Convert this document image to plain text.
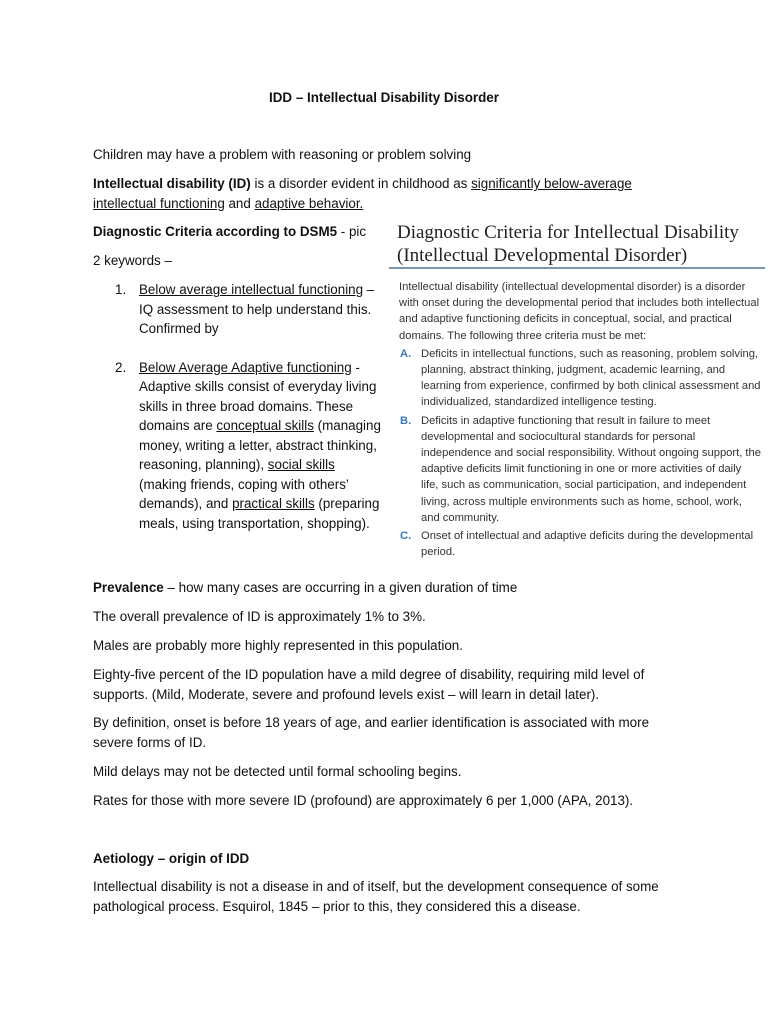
IDD – Intellectual Disability Disorder

Children may have a problem with reasoning or problem solving

Intellectual disability (ID) is a disorder evident in childhood as significantly below-average intellectual functioning and adaptive behavior.

Diagnostic Criteria according to DSM5 - pic

2 keywords –

1. Below average intellectual functioning – IQ assessment to help understand this. Confirmed by
2. Below Average Adaptive functioning - Adaptive skills consist of everyday living skills in three broad domains. These domains are conceptual skills (managing money, writing a letter, abstract thinking, reasoning, planning), social skills (making friends, coping with others’ demands), and practical skills (preparing meals, using transportation, shopping).
Diagnostic Criteria for Intellectual Disability (Intellectual Developmental Disorder)
Intellectual disability (intellectual developmental disorder) is a disorder with onset during the developmental period that includes both intellectual and adaptive functioning deficits in conceptual, social, and practical domains. The following three criteria must be met:
A. Deficits in intellectual functions, such as reasoning, problem solving, planning, abstract thinking, judgment, academic learning, and learning from experience, confirmed by both clinical assessment and individualized, standardized intelligence testing.
B. Deficits in adaptive functioning that result in failure to meet developmental and sociocultural standards for personal independence and social responsibility. Without ongoing support, the adaptive deficits limit functioning in one or more activities of daily life, such as communication, social participation, and independent living, across multiple environments such as home, school, work, and community.
C. Onset of intellectual and adaptive deficits during the developmental period.

Prevalence – how many cases are occurring in a given duration of time

The overall prevalence of ID is approximately 1% to 3%.

Males are probably more highly represented in this population.

Eighty-five percent of the ID population have a mild degree of disability, requiring mild level of supports. (Mild, Moderate, severe and profound levels exist – will learn in detail later).

By definition, onset is before 18 years of age, and earlier identification is associated with more severe forms of ID.

Mild delays may not be detected until formal schooling begins.

Rates for those with more severe ID (profound) are approximately 6 per 1,000 (APA, 2013).

Aetiology – origin of IDD

Intellectual disability is not a disease in and of itself, but the development consequence of some pathological process. Esquirol, 1845 – prior to this, they considered this a disease.
